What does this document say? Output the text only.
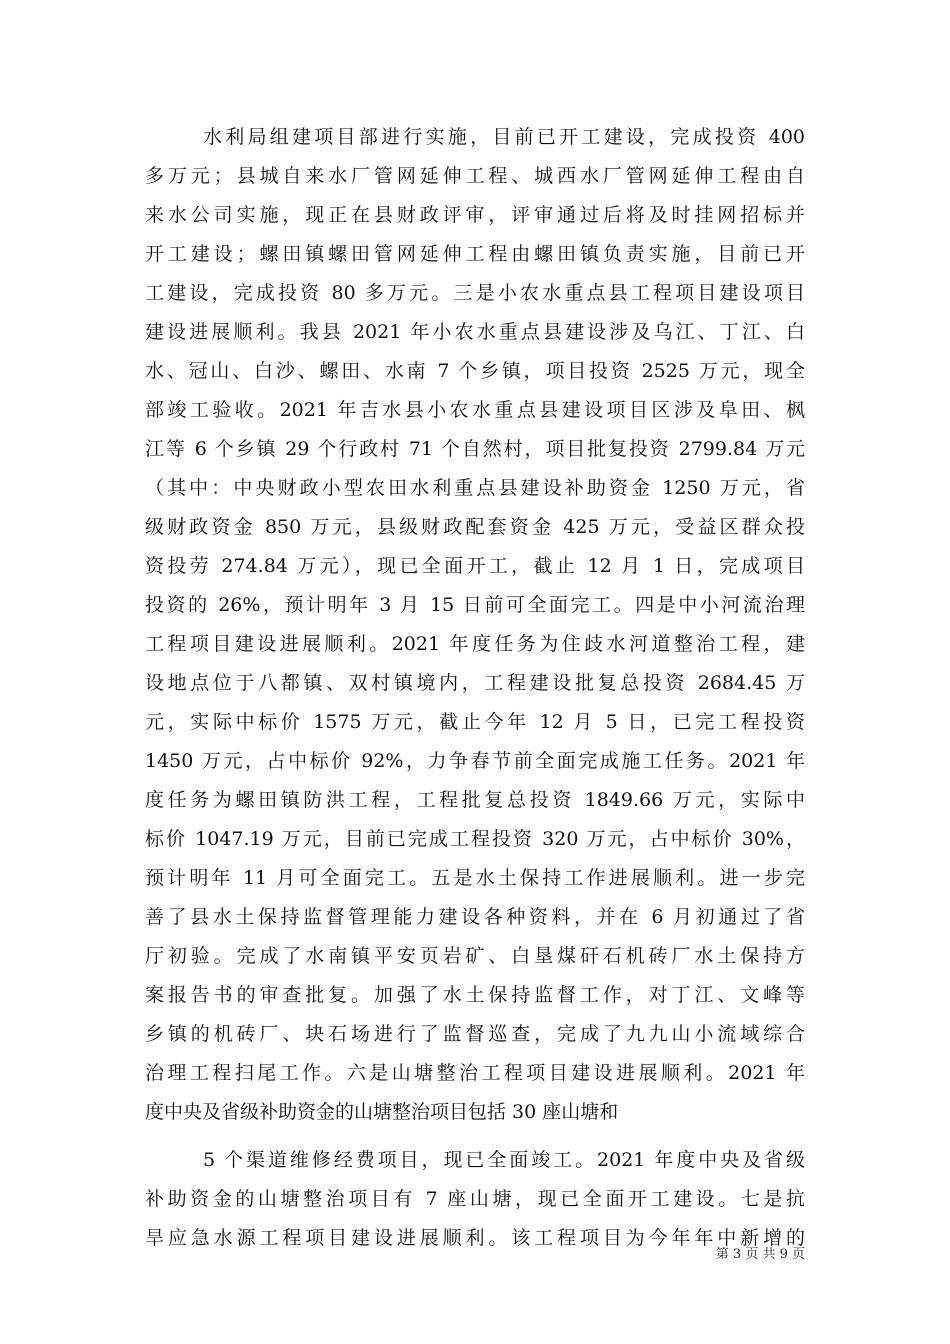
水利局组建项目部进行实施，目前已开工建设，完成投资 400
多万元；县城自来水厂管网延伸工程、城西水厂管网延伸工程由自
来水公司实施，现正在县财政评审，评审通过后将及时挂网招标并
开工建设；螺田镇螺田管网延伸工程由螺田镇负责实施，目前已开
工建设，完成投资 80 多万元。三是小农水重点县工程项目建设项目
建设进展顺利。我县 2021 年小农水重点县建设涉及乌江、丁江、白
水、冠山、白沙、螺田、水南 7 个乡镇，项目投资 2525 万元，现全
部竣工验收。2021 年吉水县小农水重点县建设项目区涉及阜田、枫
江等 6 个乡镇 29 个行政村 71 个自然村，项目批复投资 2799.84 万元
（其中：中央财政小型农田水利重点县建设补助资金 1250 万元，省
级财政资金 850 万元，县级财政配套资金 425 万元，受益区群众投
资投劳 274.84 万元），现已全面开工，截止 12 月 1 日，完成项目
投资的 26%，预计明年 3 月 15 日前可全面完工。四是中小河流治理
工程项目建设进展顺利。2021 年度任务为住歧水河道整治工程，建
设地点位于八都镇、双村镇境内，工程建设批复总投资 2684.45 万
元，实际中标价 1575 万元，截止今年 12 月 5 日，已完工程投资
1450 万元，占中标价 92%，力争春节前全面完成施工任务。2021 年
度任务为螺田镇防洪工程，工程批复总投资 1849.66 万元，实际中
标价 1047.19 万元，目前已完成工程投资 320 万元，占中标价 30%，
预计明年 11 月可全面完工。五是水土保持工作进展顺利。进一步完
善了县水土保持监督管理能力建设各种资料，并在 6 月初通过了省
厅初验。完成了水南镇平安页岩矿、白垦煤矸石机砖厂水土保持方
案报告书的审查批复。加强了水土保持监督工作，对丁江、文峰等
乡镇的机砖厂、块石场进行了监督巡查，完成了九九山小流域综合
治理工程扫尾工作。六是山塘整治工程项目建设进展顺利。2021 年
度中央及省级补助资金的山塘整治项目包括 30 座山塘和
5 个渠道维修经费项目，现已全面竣工。2021 年度中央及省级
补助资金的山塘整治项目有 7 座山塘，现已全面开工建设。七是抗
旱应急水源工程项目建设进展顺利。该工程项目为今年年中新增的
第 3 页 共 9 页
